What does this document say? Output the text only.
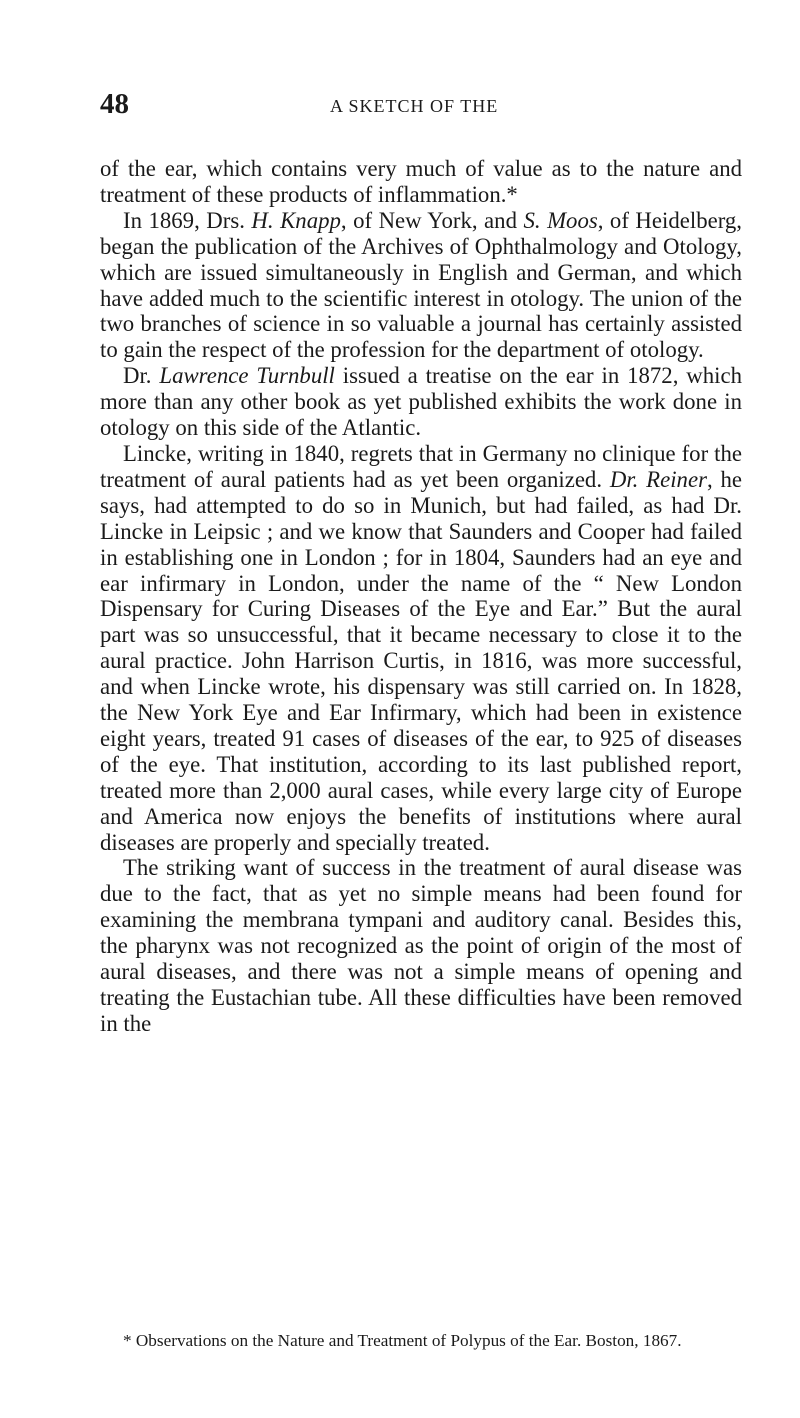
48	A SKETCH OF THE

of the ear, which contains very much of value as to the nature and treatment of these products of inflammation.*

In 1869, Drs. H. Knapp, of New York, and S. Moos, of Heidelberg, began the publication of the Archives of Ophthalmology and Otology, which are issued simultaneously in English and German, and which have added much to the scientific interest in otology. The union of the two branches of science in so valuable a journal has certainly assisted to gain the respect of the profession for the department of otology.

Dr. Lawrence Turnbull issued a treatise on the ear in 1872, which more than any other book as yet published exhibits the work done in otology on this side of the Atlantic.

Lincke, writing in 1840, regrets that in Germany no clinique for the treatment of aural patients had as yet been organized. Dr. Reiner, he says, had attempted to do so in Munich, but had failed, as had Dr. Lincke in Leipsic ; and we know that Saunders and Cooper had failed in establishing one in London ; for in 1804, Saunders had an eye and ear infirmary in London, under the name of the “ New London Dispensary for Curing Diseases of the Eye and Ear.” But the aural part was so unsuccessful, that it became necessary to close it to the aural practice. John Harrison Curtis, in 1816, was more successful, and when Lincke wrote, his dispensary was still carried on. In 1828, the New York Eye and Ear Infirmary, which had been in existence eight years, treated 91 cases of diseases of the ear, to 925 of diseases of the eye. That institution, according to its last published report, treated more than 2,000 aural cases, while every large city of Europe and America now enjoys the benefits of institutions where aural diseases are properly and specially treated.

The striking want of success in the treatment of aural disease was due to the fact, that as yet no simple means had been found for examining the membrana tympani and auditory canal. Besides this, the pharynx was not recognized as the point of origin of the most of aural diseases, and there was not a simple means of opening and treating the Eustachian tube. All these difficulties have been removed in the

* Observations on the Nature and Treatment of Polypus of the Ear. Boston, 1867.
